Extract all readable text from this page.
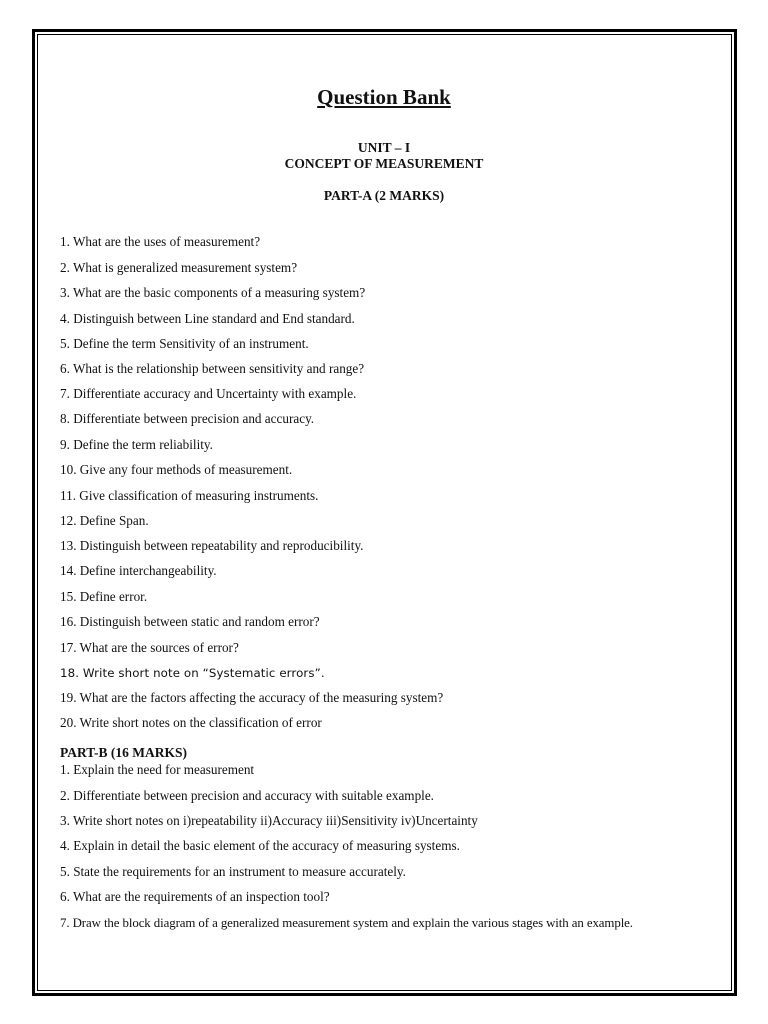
Question Bank
UNIT – I
CONCEPT OF MEASUREMENT
PART-A (2 MARKS)
1. What are the uses of measurement?
2. What is generalized measurement system?
3. What are the basic components of a measuring system?
4. Distinguish between Line standard and End standard.
5. Define the term Sensitivity of an instrument.
6. What is the relationship between sensitivity and range?
7. Differentiate accuracy and Uncertainty with example.
8. Differentiate between precision and accuracy.
9. Define the term reliability.
10. Give any four methods of measurement.
11. Give classification of measuring instruments.
12. Define Span.
13. Distinguish between repeatability and reproducibility.
14. Define interchangeability.
15. Define error.
16. Distinguish between static and random error?
17. What are the sources of error?
18. Write short note on “Systematic errors”.
19. What are the factors affecting the accuracy of the measuring system?
20. Write short notes on the classification of error
PART-B (16 MARKS)
1. Explain the need for measurement
2. Differentiate between precision and accuracy with suitable example.
3. Write short notes on i)repeatability ii)Accuracy iii)Sensitivity iv)Uncertainty
4. Explain in detail the basic element of the accuracy of measuring systems.
5. State the requirements for an instrument to measure accurately.
6. What are the requirements of an inspection tool?
7. Draw the block diagram of a generalized measurement system and explain the various stages with an example.
